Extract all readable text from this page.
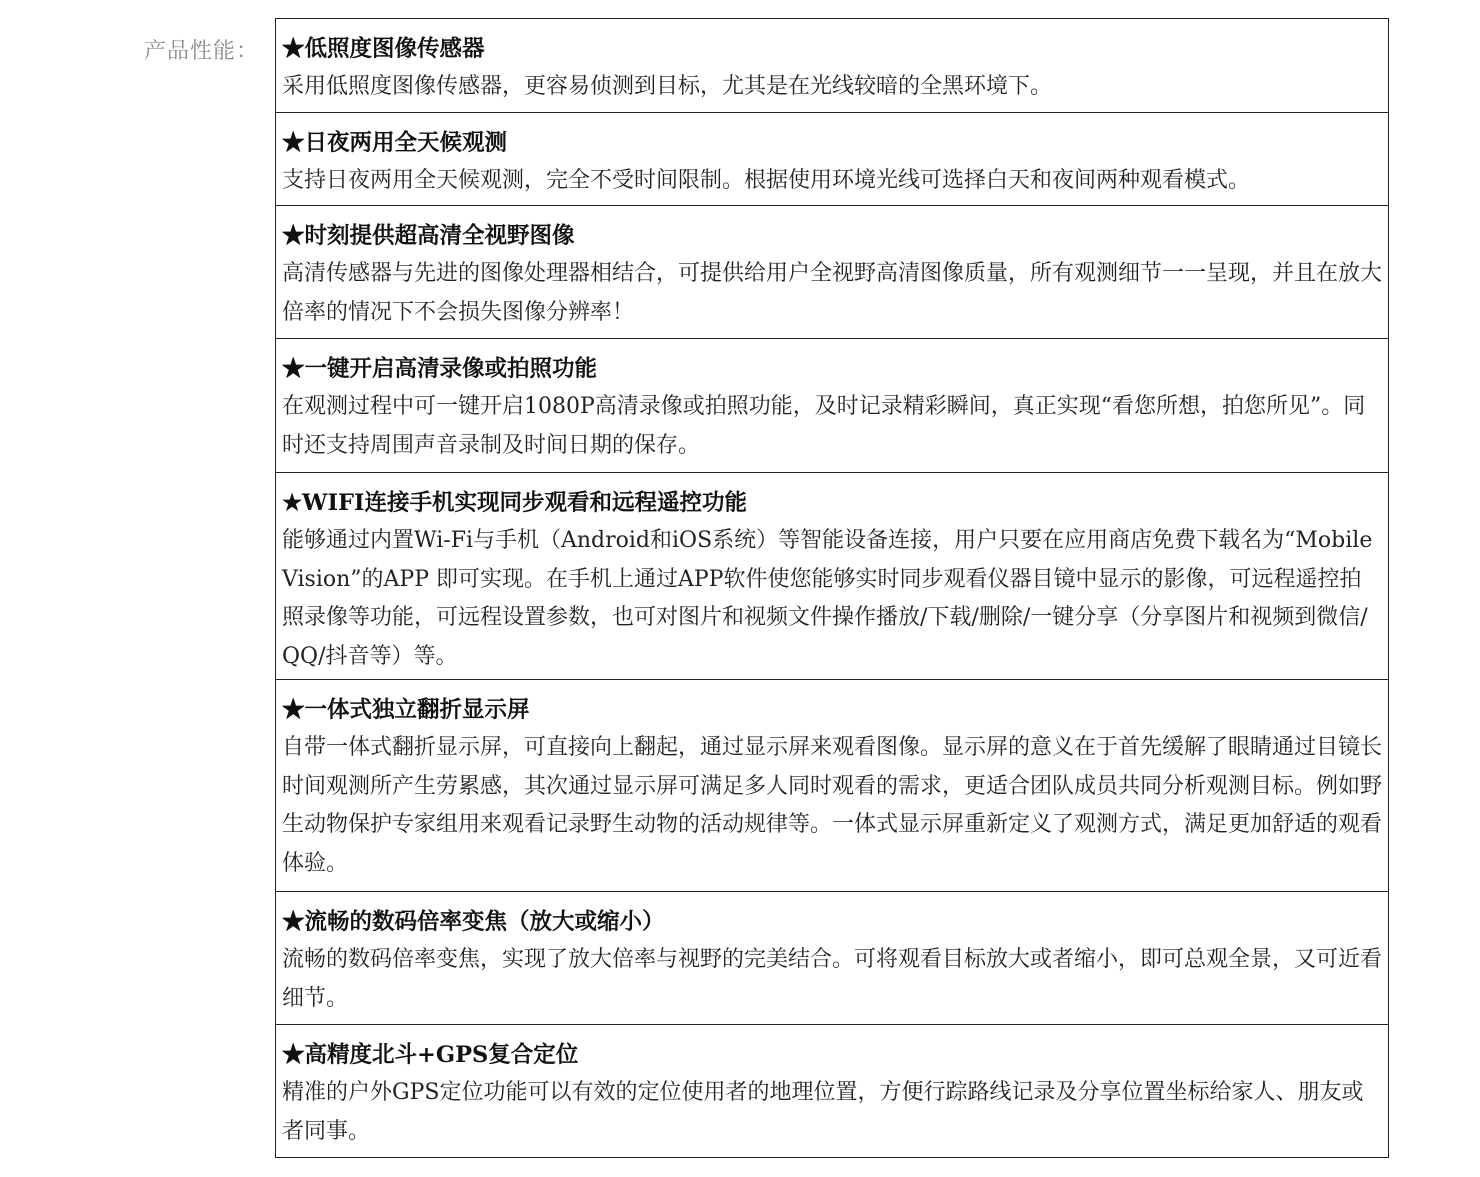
产品性能： ★低照度图像传感器
采用低照度图像传感器，更容易侦测到目标，尤其是在光线较暗的全黑环境下。
★日夜两用全天候观测
支持日夜两用全天候观测，完全不受时间限制。根据使用环境光线可选择白天和夜间两种观看模式。
★时刻提供超高清全视野图像
高清传感器与先进的图像处理器相结合，可提供给用户全视野高清图像质量，所有观测细节一一呈现，并且在放大倍率的情况下不会损失图像分辨率！
★一键开启高清录像或拍照功能
在观测过程中可一键开启1080P高清录像或拍照功能，及时记录精彩瞬间，真正实现“看您所想，拍您所见”。同时还支持周围声音录制及时间日期的保存。
★WIFI连接手机实现同步观看和远程遥控功能
能够通过内置Wi-Fi与手机（Android和iOS系统）等智能设备连接，用户只要在应用商店免费下载名为“Mobile Vision”的APP 即可实现。在手机上通过APP软件使您能够实时同步观看仪器目镜中显示的影像，可远程遥控拍照录像等功能，可远程设置参数，也可对图片和视频文件操作播放/下载/删除/一键分享（分享图片和视频到微信/QQ/抖音等）等。
★一体式独立翻折显示屏
自带一体式翻折显示屏，可直接向上翻起，通过显示屏来观看图像。显示屏的意义在于首先缓解了眼睛通过目镜长时间观测所产生劳累感，其次通过显示屏可满足多人同时观看的需求，更适合团队成员共同分析观测目标。例如野生动物保护专家组用来观看记录野生动物的活动规律等。一体式显示屏重新定义了观测方式，满足更加舒适的观看体验。
★流畅的数码倍率变焦（放大或缩小）
流畅的数码倍率变焦，实现了放大倍率与视野的完美结合。可将观看目标放大或者缩小，即可总观全景，又可近看细节。
★高精度北斗+GPS复合定位
精准的户外GPS定位功能可以有效的定位使用者的地理位置，方便行踪路线记录及分享位置坐标给家人、朋友或者同事。
